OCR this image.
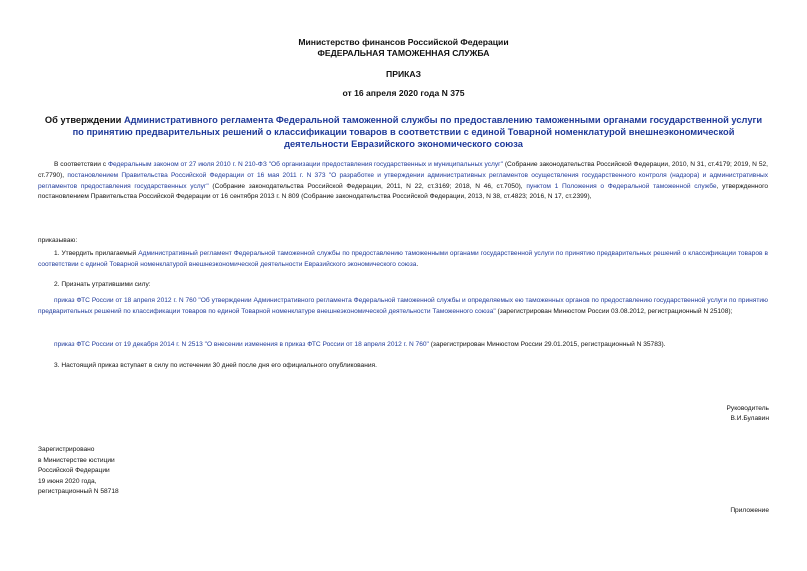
Министерство финансов Российской Федерации
ФЕДЕРАЛЬНАЯ ТАМОЖЕННАЯ СЛУЖБА
ПРИКАЗ
от 16 апреля 2020 года N 375
Об утверждении Административного регламента Федеральной таможенной службы по предоставлению таможенными органами государственной услуги по принятию предварительных решений о классификации товаров в соответствии с единой Товарной номенклатурой внешнеэкономической деятельности Евразийского экономического союза
В соответствии с Федеральным законом от 27 июля 2010 г. N 210-ФЗ "Об организации предоставления государственных и муниципальных услуг" (Собрание законодательства Российской Федерации, 2010, N 31, ст.4179; 2019, N 52, ст.7790), постановлением Правительства Российской Федерации от 16 мая 2011 г. N 373 "О разработке и утверждении административных регламентов осуществления государственного контроля (надзора) и административных регламентов предоставления государственных услуг" (Собрание законодательства Российской Федерации, 2011, N 22, ст.3169; 2018, N 46, ст.7050), пунктом 1 Положения о Федеральной таможенной службе, утвержденного постановлением Правительства Российской Федерации от 16 сентября 2013 г. N 809 (Собрание законодательства Российской Федерации, 2013, N 38, ст.4823; 2016, N 17, ст.2399),
приказываю:
1. Утвердить прилагаемый Административный регламент Федеральной таможенной службы по предоставлению таможенными органами государственной услуги по принятию предварительных решений о классификации товаров в соответствии с единой Товарной номенклатурой внешнеэкономической деятельности Евразийского экономического союза.
2. Признать утратившими силу:
приказ ФТС России от 18 апреля 2012 г. N 760 "Об утверждении Административного регламента Федеральной таможенной службы и определяемых ею таможенных органов по предоставлению государственной услуги по принятию предварительных решений по классификации товаров по единой Товарной номенклатуре внешнеэкономической деятельности Таможенного союза" (зарегистрирован Минюстом России 03.08.2012, регистрационный N 25108);
приказ ФТС России от 19 декабря 2014 г. N 2513 "О внесении изменения в приказ ФТС России от 18 апреля 2012 г. N 760" (зарегистрирован Минюстом России 29.01.2015, регистрационный N 35783).
3. Настоящий приказ вступает в силу по истечении 30 дней после дня его официального опубликования.
Руководитель
В.И.Булавин
Зарегистрировано
в Министерстве юстиции
Российской Федерации
19 июня 2020 года,
регистрационный N 58718
Приложение
